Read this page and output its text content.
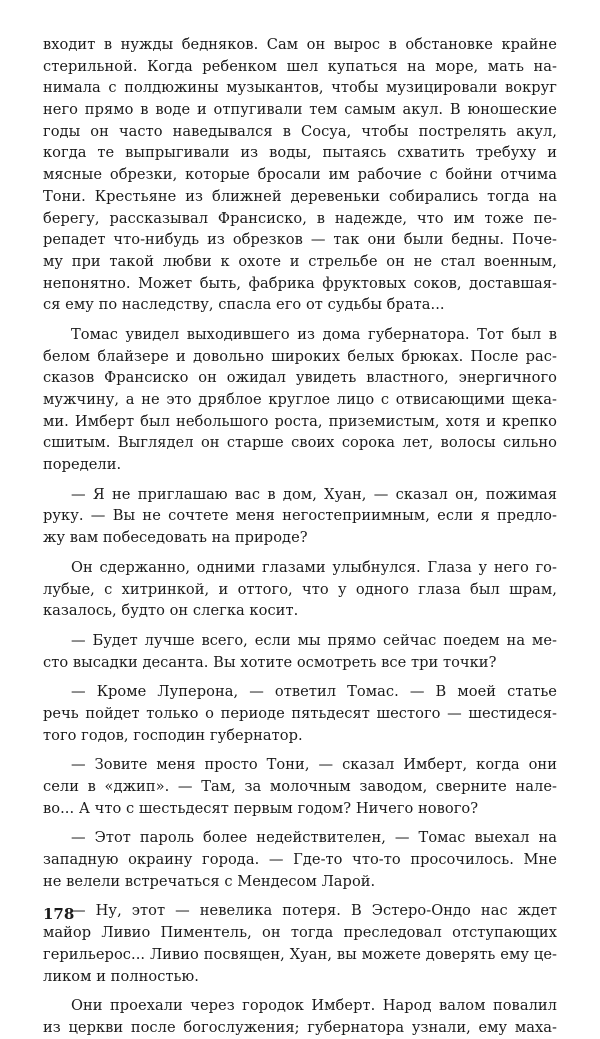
входит в нужды бедняков. Сам он вырос в обстановке крайне
стерильной. Когда ребенком шел купаться на море, мать на-
нимала с полдюжины музыкантов, чтобы музицировали вокруг
него прямо в воде и отпугивали тем самым акул. В юношеские
годы он часто наведывался в Сосуа, чтобы пострелять акул,
когда те выпрыгивали из воды, пытаясь схватить требуху и
мясные обрезки, которые бросали им рабочие с бойни отчима
Тони. Крестьяне из ближней деревеньки собирались тогда на
берегу, рассказывал Франсиско, в надежде, что им тоже пе-
репадет что-нибудь из обрезков — так они были бедны. Поче-
му при такой любви к охоте и стрельбе он не стал военным,
непонятно. Может быть, фабрика фруктовых соков, доставшая-
ся ему по наследству, спасла его от судьбы брата...
Томас увидел выходившего из дома губернатора. Тот был в
белом блайзере и довольно широких белых брюках. После рас-
сказов Франсиско он ожидал увидеть властного, энергичного
мужчину, а не это дряблое круглое лицо с отвисающими щека-
ми. Имберт был небольшого роста, приземистым, хотя и крепко
сшитым. Выглядел он старше своих сорока лет, волосы сильно
поредели.
— Я не приглашаю вас в дом, Хуан, — сказал он, пожимая
руку. — Вы не сочтете меня негостеприимным, если я предло-
жу вам побеседовать на природе?
Он сдержанно, одними глазами улыбнулся. Глаза у него го-
лубые, с хитринкой, и оттого, что у одного глаза был шрам,
казалось, будто он слегка косит.
— Будет лучше всего, если мы прямо сейчас поедем на ме-
сто высадки десанта. Вы хотите осмотреть все три точки?
— Кроме Луперона, — ответил Томас. — В моей статье
речь пойдет только о периоде пятьдесят шестого — шестидеся-
того годов, господин губернатор.
— Зовите меня просто Тони, — сказал Имберт, когда они
сели в «джип». — Там, за молочным заводом, сверните нале-
во... А что с шестьдесят первым годом? Ничего нового?
— Этот пароль более недействителен, — Томас выехал на
западную окраину города. — Где-то что-то просочилось. Мне
не велели встречаться с Мендесом Ларой.
— Ну, этот — невелика потеря. В Эстеро-Ондо нас ждет
майор Ливио Пиментель, он тогда преследовал отступающих
герильерос... Ливио посвящен, Хуан, вы можете доверять ему це-
ликом и полностью.
Они проехали через городок Имберт. Народ валом повалил
из церкви после богослужения; губернатора узнали, ему маха-
178
